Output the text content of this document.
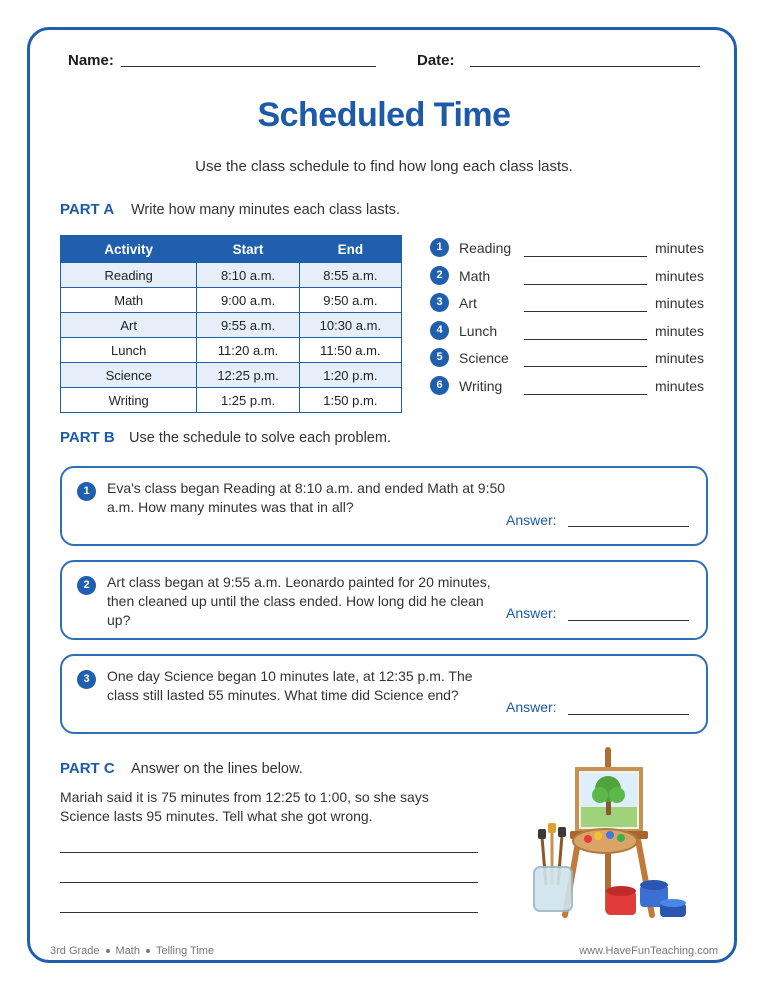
Name:	Date:
Scheduled Time
Use the class schedule to find how long each class lasts.
PART A Write how many minutes each class lasts.
Activity	Start	End
Reading	8:10 a.m.	8:55 a.m.
Math	9:00 a.m.	9:50 a.m.
Art	9:55 a.m.	10:30 a.m.
Lunch	11:20 a.m.	11:50 a.m.
Science	12:25 p.m.	1:20 p.m.
Writing	1:25 p.m.	1:50 p.m.
1	Reading	minutes
2	Math	minutes
3	Art	minutes
4	Lunch	minutes
5	Science	minutes
6	Writing	minutes
PART B Use the schedule to solve each problem.
1	Eva's class began Reading at 8:10 a.m. and ended Math at 9:50 a.m. How many minutes was that in all?
Answer:
2	Art class began at 9:55 a.m. Leonardo painted for 20 minutes, then cleaned up until the class ended. How long did he clean up?	Answer:
3	One day Science began 10 minutes late, at 12:35 p.m. The class still lasted 55 minutes. What time did Science end?
Answer:
PART C Answer on the lines below.
Mariah said it is 75 minutes from 12:25 to 1:00, so she says Science lasts 95 minutes. Tell what she got wrong.
3rd Grade Math Telling Time	www.HaveFunTeaching.com
